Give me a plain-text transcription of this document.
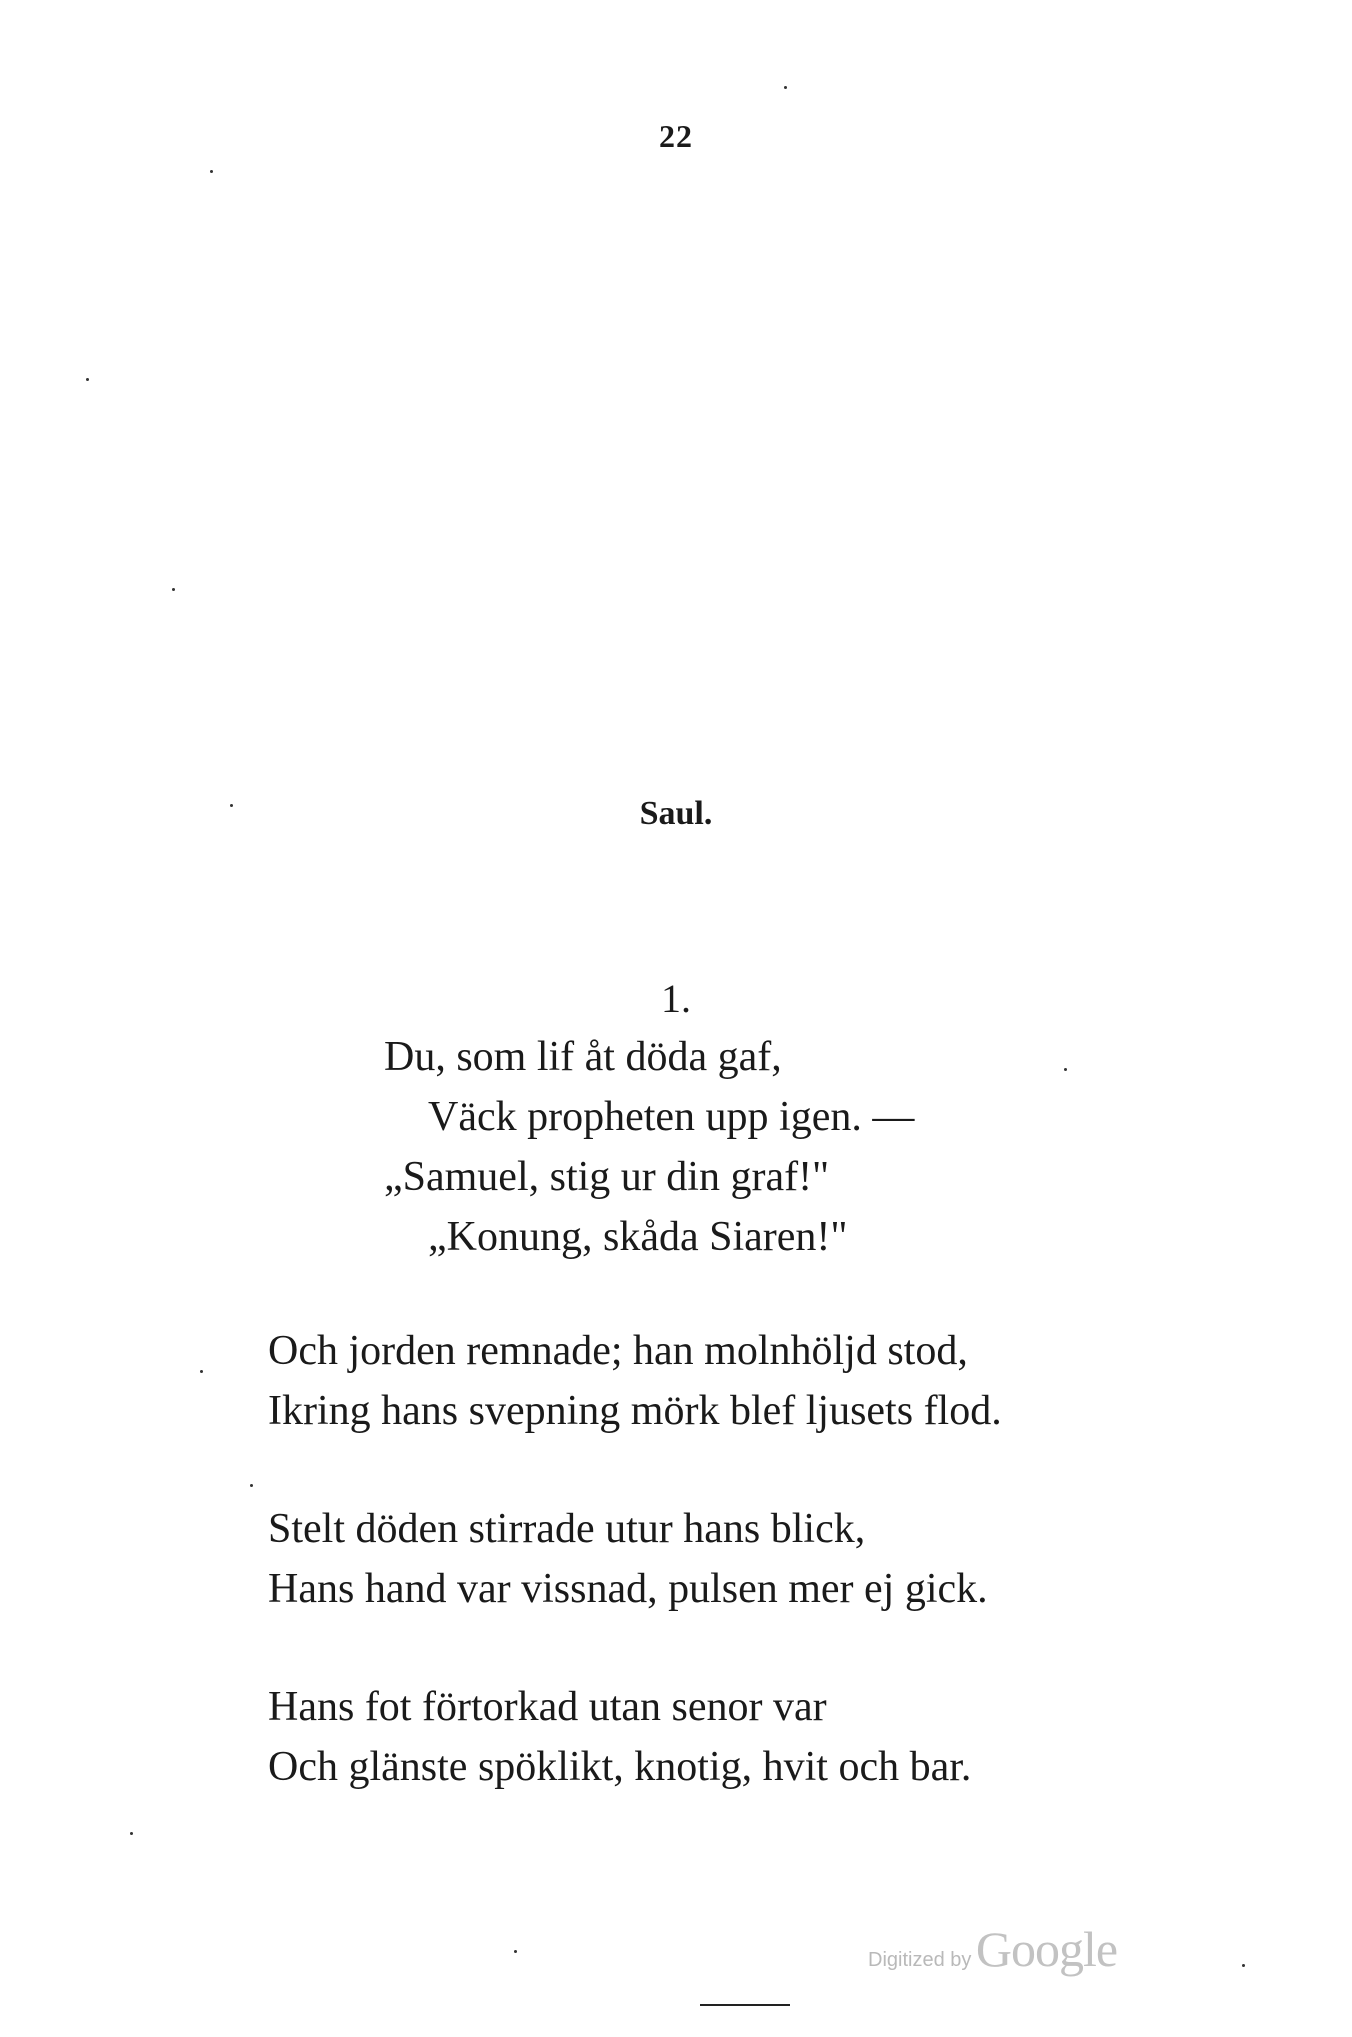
22
Saul.
1.
Du, som lif åt döda gaf,
Väck propheten upp igen. —
„Samuel, stig ur din graf!"
„Konung, skåda Siaren!"
Och jorden remnade; han molnhöljd stod,
Ikring hans svepning mörk blef ljusets flod.
Stelt döden stirrade utur hans blick,
Hans hand var vissnad, pulsen mer ej gick.
Hans fot förtorkad utan senor var
Och glänste spöklikt, knotig, hvit och bar.
Digitized by Google
